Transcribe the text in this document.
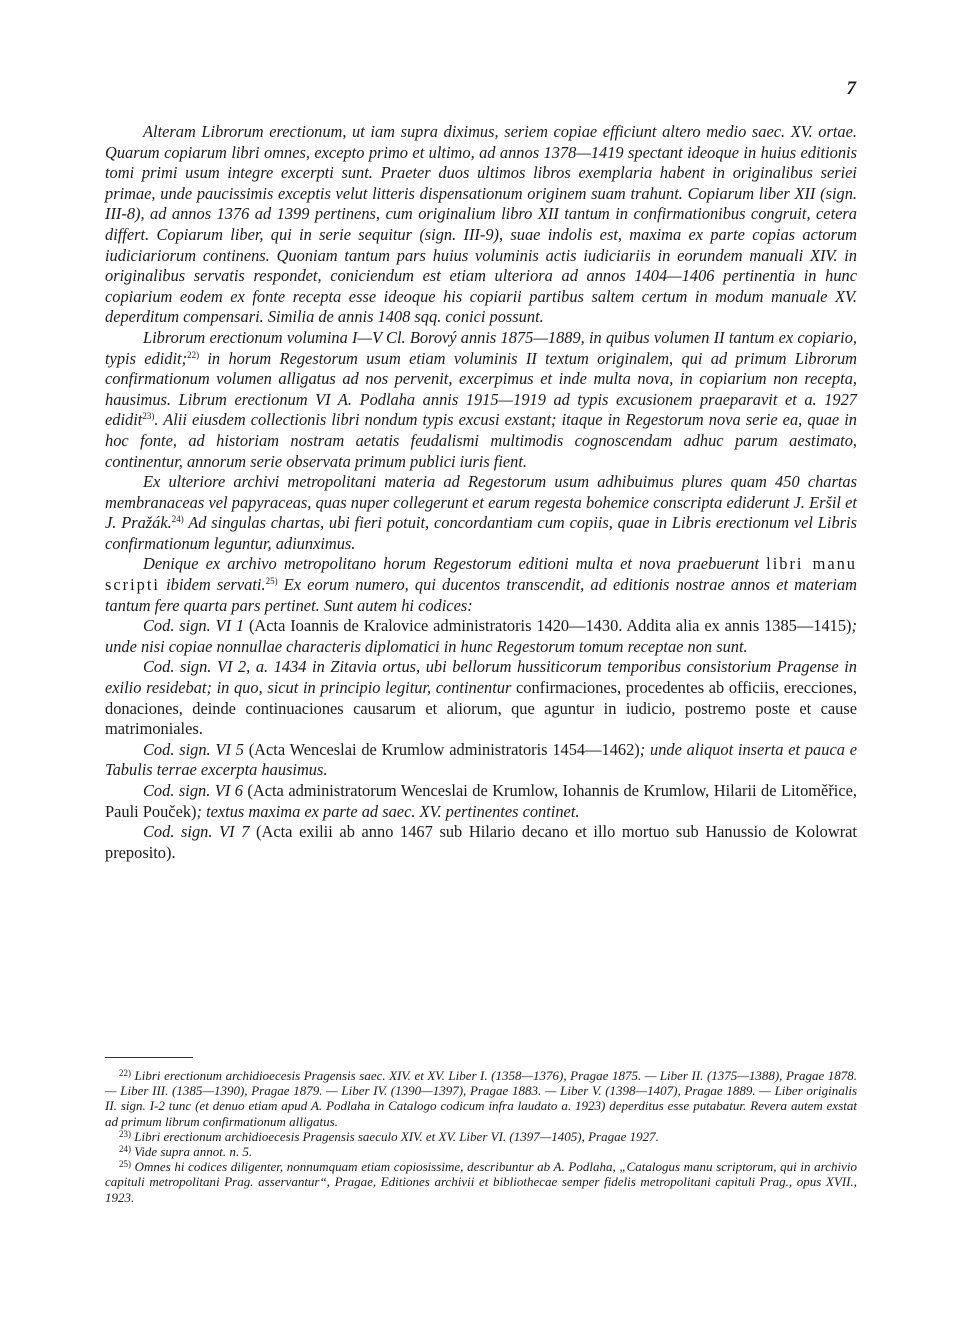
7

Alteram Librorum erectionum, ut iam supra diximus, seriem copiae efficiunt altero medio saec. XV. ortae. Quarum copiarum libri omnes, excepto primo et ultimo, ad annos 1378—1419 spectant ideoque in huius editionis tomi primi usum integre excerpti sunt. Praeter duos ultimos libros exemplaria habent in originalibus seriei primae, unde paucissimis exceptis velut litteris dispensationum originem suam trahunt. Copiarum liber XII (sign. III-8), ad annos 1376 ad 1399 pertinens, cum originalium libro XII tantum in confirmationibus congruit, cetera differt. Copiarum liber, qui in serie sequitur (sign. III-9), suae indolis est, maxima ex parte copias actorum iudiciariorum continens. Quoniam tantum pars huius voluminis actis iudiciariis in eorundem manuali XIV. in originalibus servatis respondet, coniciendum est etiam ulteriora ad annos 1404—1406 pertinentia in hunc copiarium eodem ex fonte recepta esse ideoque his copiarii partibus saltem certum in modum manuale XV. deperditum compensari. Similia de annis 1408 sqq. conici possunt.

Librorum erectionum volumina I—V Cl. Borový annis 1875—1889, in quibus volumen II tantum ex copiario, typis edidit;$^{22)}$ in horum Regestorum usum etiam voluminis II textum originalem, qui ad primum Librorum confirmationum volumen alligatus ad nos pervenit, excerpimus et inde multa nova, in copiarium non recepta, hausimus. Librum erectionum VI A. Podlaha annis 1915—1919 ad typis excusionem praeparavit et a. 1927 edidit$^{23)}$. Alii eiusdem collectionis libri nondum typis excusi exstant; itaque in Regestorum nova serie ea, quae in hoc fonte, ad historiam nostram aetatis feudalismi multimodis cognoscendam adhuc parum aestimato, continentur, annorum serie observata primum publici iuris fient.

Ex ulteriore archivi metropolitani materia ad Regestorum usum adhibuimus plures quam 450 chartas membranaceas vel papyraceas, quas nuper collegerunt et earum regesta bohemice conscripta ediderunt J. Eršil et J. Pražák.$^{24)}$ Ad singulas chartas, ubi fieri potuit, concordantiam cum copiis, quae in Libris erectionum vel Libris confirmationum leguntur, adiunximus.

Denique ex archivo metropolitano horum Regestorum editioni multa et nova praebuerunt libri manu scripti ibidem servati.$^{25)}$ Ex eorum numero, qui ducentos transcendit, ad editionis nostrae annos et materiam tantum fere quarta pars pertinet. Sunt autem hi codices:

Cod. sign. VI 1 (Acta Ioannis de Kralovice administratoris 1420—1430. Addita alia ex annis 1385—1415); unde nisi copiae nonnullae characteris diplomatici in hunc Regestorum tomum receptae non sunt.

Cod. sign. VI 2, a. 1434 in Zitavia ortus, ubi bellorum hussiticorum temporibus consistorium Pragense in exilio residebat; in quo, sicut in principio legitur, continentur confirmaciones, procedentes ab officiis, erecciones, donaciones, deinde continuaciones causarum et aliorum, que aguntur in iudicio, postremo poste et cause matrimoniales.

Cod. sign. VI 5 (Acta Wenceslai de Krumlow administratoris 1454—1462); unde aliquot inserta et pauca e Tabulis terrae excerpta hausimus.

Cod. sign. VI 6 (Acta administratorum Wenceslai de Krumlow, Iohannis de Krumlow, Hilarii de Litoměřice, Pauli Pouček); textus maxima ex parte ad saec. XV. pertinentes continet.

Cod. sign. VI 7 (Acta exilii ab anno 1467 sub Hilario decano et illo mortuo sub Hanussio de Kolowrat preposito).

$^{22)}$ Libri erectionum archidioecesis Pragensis saec. XIV. et XV. Liber I. (1358—1376), Pragae 1875. — Liber II. (1375—1388), Pragae 1878. — Liber III. (1385—1390), Pragae 1879. — Liber IV. (1390—1397), Pragae 1883. — Liber V. (1398—1407), Pragae 1889. — Liber originalis II. sign. I-2 tunc (et denuo etiam apud A. Podlaha in Catalogo codicum infra laudato a. 1923) deperditus esse putabatur. Revera autem exstat ad primum librum confirmationum alligatus.

$^{23)}$ Libri erectionum archidioecesis Pragensis saeculo XIV. et XV. Liber VI. (1397—1405), Pragae 1927.

$^{24)}$ Vide supra annot. n. 5.

$^{25)}$ Omnes hi codices diligenter, nonnumquam etiam copiosissime, describuntur ab A. Podlaha, „Catalogus manu scriptorum, qui in archivio capituli metropolitani Prag. asservantur“, Pragae, Editiones archivii et bibliothecae semper fidelis metropolitani capituli Prag., opus XVII., 1923.
